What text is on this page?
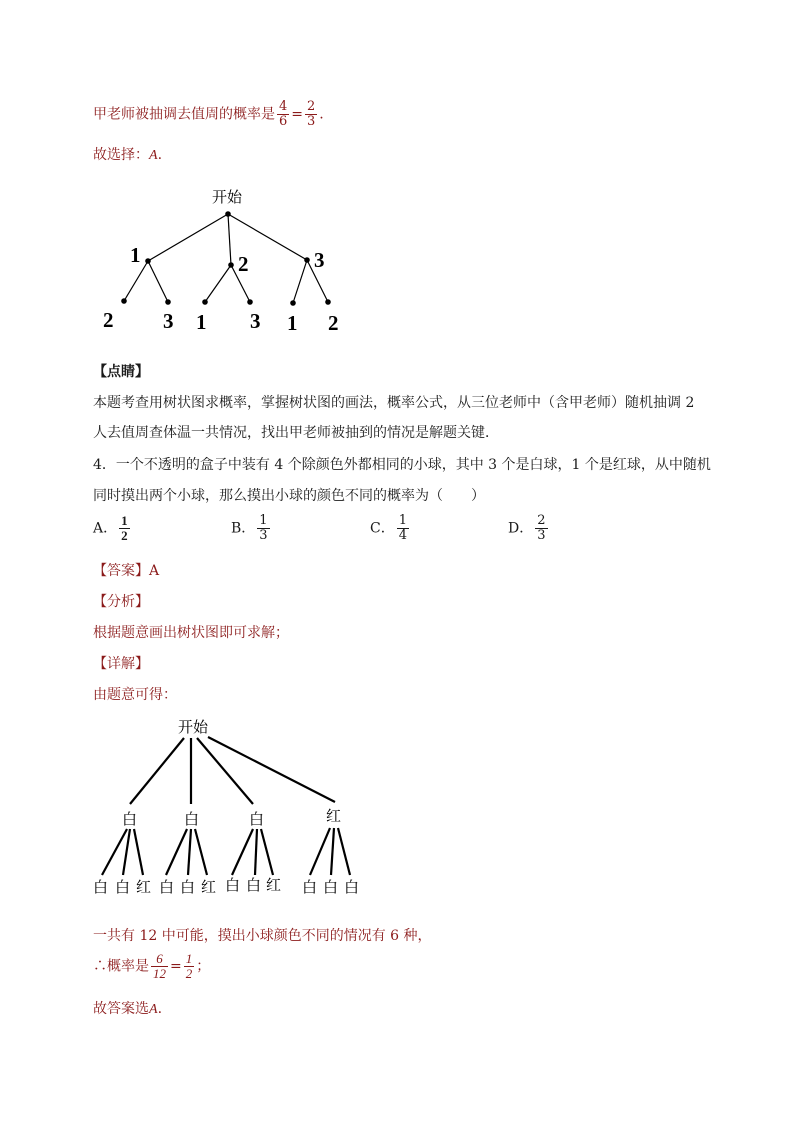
甲老师被抽调去值周的概率是 $\frac{4}{6} = \frac{2}{3}$ .
故选择：A.
开始
1	2	3
2 3 1 3 1 2
【点睛】
本题考查用树状图求概率，掌握树状图的画法，概率公式，从三位老师中（含甲老师）随机抽调 2
人去值周查体温一共情况，找出甲老师被抽到的情况是解题关键．
4．一个不透明的盒子中装有 4 个除颜色外都相同的小球，其中 3 个是白球，1 个是红球，从中随机
同时摸出两个小球，那么摸出小球的颜色不同的概率为（　　）
A． $\frac{1}{2}$	B． $\frac{1}{3}$	C． $\frac{1}{4}$	D． $\frac{2}{3}$
【答案】A
【分析】
根据题意画出树状图即可求解；
【详解】
由题意可得：
开始
白	白	白	红
白 白 红 白 白 红 白 白 红 白 白 白
一共有 12 中可能，摸出小球颜色不同的情况有 6 种，
∴概率是 $\frac{6}{12} = \frac{1}{2}$ ；
故答案选A.
